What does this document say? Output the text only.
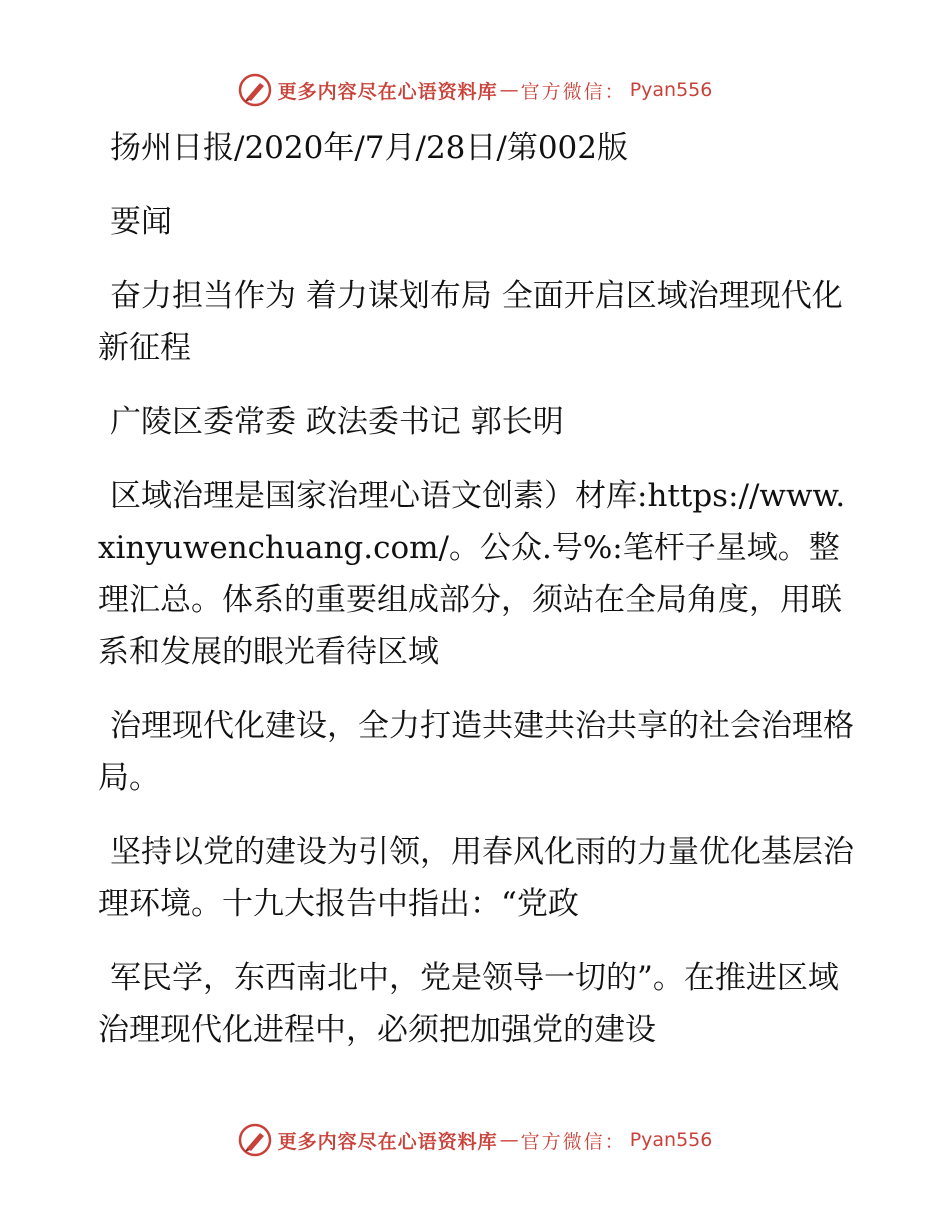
更多内容尽在心语资料库 — 官方微信： Pyan556

扬州日报/2020年/7月/28日/第002版

要闻

奋力担当作为 着力谋划布局 全面开启区域治理现代化新征程

广陵区委常委 政法委书记 郭长明

区域治理是国家治理心语文创素）材库:https://www.xinyuwenchuang.com/。公众.号%:笔杆子星域。整理汇总。体系的重要组成部分，须站在全局角度，用联系和发展的眼光看待区域

治理现代化建设，全力打造共建共治共享的社会治理格局。

坚持以党的建设为引领，用春风化雨的力量优化基层治理环境。十九大报告中指出：“党政

军民学，东西南北中，党是领导一切的”。在推进区域治理现代化进程中，必须把加强党的建设

更多内容尽在心语资料库 — 官方微信： Pyan556
